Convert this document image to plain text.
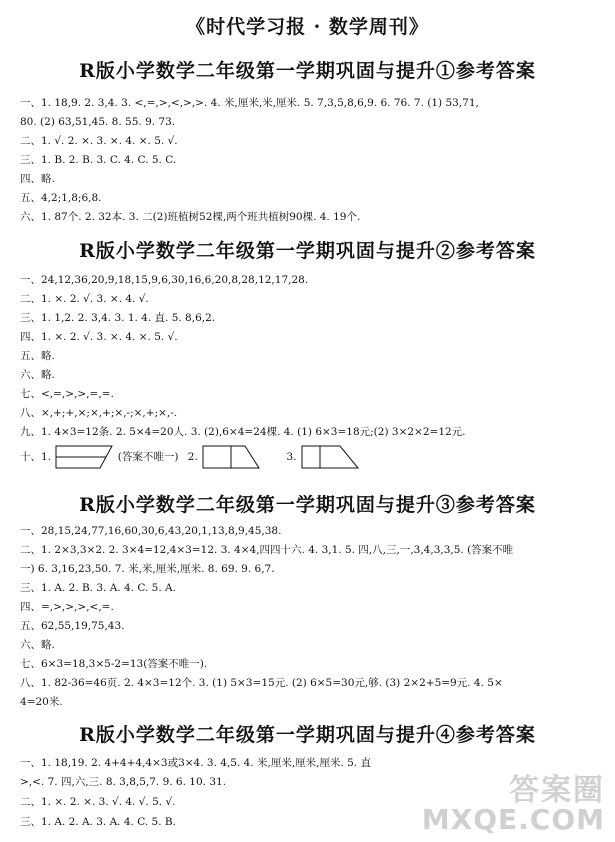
《时代学习报 · 数学周刊》
R版小学数学二年级第一学期巩固与提升①参考答案
一、1. 18,9. 2. 3,4. 3. <,=,>,<,>,>. 4. 米,厘米,米,厘米. 5. 7,3,5,8,6,9. 6. 76. 7. (1) 53,71,
80. (2) 63,51,45. 8. 55. 9. 73.
二、1. √. 2. ×. 3. ×. 4. ×. 5. √.
三、1. B. 2. B. 3. C. 4. C. 5. C.
四、略.
五、4,2;1,8;6,8.
六、1. 87个. 2. 32本. 3. 二(2)班植树52棵,两个班共植树90棵. 4. 19个.
R版小学数学二年级第一学期巩固与提升②参考答案
一、24,12,36,20,9,18,15,9,6,30,16,6,20,8,28,12,17,28.
二、1. ×. 2. √. 3. ×. 4. √.
三、1. 1,2. 2. 3,4. 3. 1. 4. 直. 5. 8,6,2.
四、1. ×. 2. √. 3. ×. 4. ×. 5. √.
五、略.
六、略.
七、<,=,>,>,=,=.
八、×,+;+,×;×,+;×,-;×,+;×,-.
九、1. 4×3=12条. 2. 5×4=20人. 3. (2),6×4=24棵. 4. (1) 6×3=18元;(2) 3×2×2=12元.
十、1.	(答案不唯一) 2.	3.
R版小学数学二年级第一学期巩固与提升③参考答案
一、28,15,24,77,16,60,30,6,43,20,1,13,8,9,45,38.
二、1. 2×3,3×2. 2. 3×4=12,4×3=12. 3. 4×4,四四十六. 4. 3,1. 5. 四,八,三,一,3,4,3,3,5. (答案不唯
一) 6. 3,16,23,50. 7. 米,米,厘米,厘米. 8. 69. 9. 6,7.
三、1. A. 2. B. 3. A. 4. C. 5. A.
四、=,>,>,>,<,=.
五、62,55,19,75,43.
六、略.
七、6×3=18,3×5-2=13(答案不唯一).
八、1. 82-36=46页. 2. 4×3=12个. 3. (1) 5×3=15元. (2) 6×5=30元,够. (3) 2×2+5=9元. 4. 5×
4=20米.
R版小学数学二年级第一学期巩固与提升④参考答案
一、1. 18,19. 2. 4+4+4,4×3或3×4. 3. 4,5. 4. 米,厘米,厘米,厘米. 5. 直
>,<. 7. 四,六,三. 8. 3,8,5,7. 9. 6. 10. 31.
二、1. ×. 2. ×. 3. √. 4. √. 5. √.
三、1. A. 2. A. 3. A. 4. C. 5. B.
答案圈
MXQE.COM
